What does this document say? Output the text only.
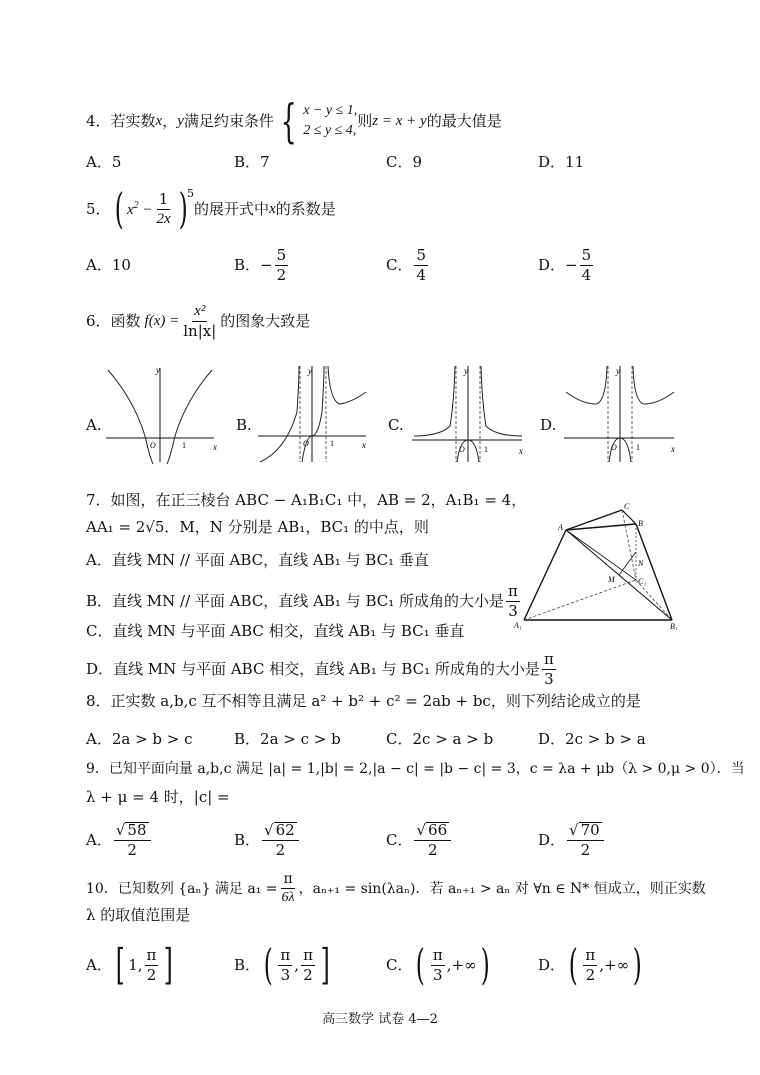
4．若实数 x ， y 满足约束条件 { x − y ≤ 1,
2 ≤ y ≤ 4,
则 z = x + y 的最大值是
A．5	B．7	C．9	D．11
5． ( $x^2 - \frac{1}{2x}$ ) 5
的展开式中 x 的系数是
A．10	B． − $\frac{5}{2}$	C． $\frac{5}{4}$	D． − $\frac{5}{4}$
6．函数 $f(x) = \frac{\text{x²}}{\ln|x|}$ 的图象大致是
A.	B.	C.	D.
y
x
O	1
y
x
O	1
y
x
O 1
y
x
O 1
7．如图，在正三棱台 ABC − A₁B₁C₁ 中，AB = 2，A₁B₁ = 4，
AA₁ = 2√5．M，N 分别是 AB₁，BC₁ 的中点，则
A．直线 MN // 平面 ABC，直线 AB₁ 与 BC₁ 垂直
B．直线 MN // 平面 ABC，直线 AB₁ 与 BC₁ 所成角的大小是 $\frac{\pi}{3}$
C．直线 MN 与平面 ABC 相交，直线 AB₁ 与 BC₁ 垂直
D．直线 MN 与平面 ABC 相交，直线 AB₁ 与 BC₁ 所成角的大小是 $\frac{\pi}{3}$
A
C
B
N
M	C₁
A₁	B₁
8．正实数 a,b,c 互不相等且满足 a² + b² + c² = 2ab + bc，则下列结论成立的是
A．2a > b > c	B．2a > c > b	C．2c > a > b	D．2c > b > a
9．已知平面向量 a,b,c 满足 |a| = 1,|b| = 2,|a − c| = |b − c| = 3，c = λa + μb（λ > 0,μ > 0）．当
λ + μ = 4 时，|c| =
A． $\frac{√ 58}{2}$	B． $\frac{√ 62}{2}$	C． $\frac{√ 66}{2}$	D． $\frac{√ 70}{2}$
10．已知数列 {aₙ} 满足 $a_1 = \frac{\pi}{6\lambda}$ ，aₙ₊₁ = sin(λaₙ)．若 aₙ₊₁ > aₙ 对 ∀n ∈ N* 恒成立，则正实数
λ 的取值范围是
A． [ 1, $\frac{\pi}{2}$ ]	B． ( $\frac{\pi}{3}$ , $\frac{\pi}{2}$ ]	C． ( $\frac{\pi}{3}$ ,+∞ )	D． ( $\frac{\pi}{2}$ ,+∞ )
高三数学 试卷 4—2
